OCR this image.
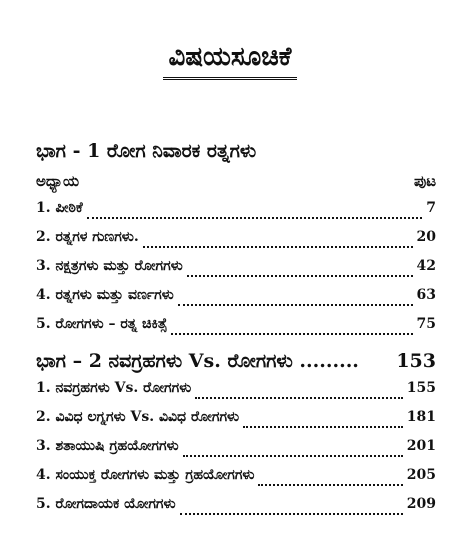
ವಿಷಯಸೂಚಿಕೆ
ಭಾಗ - 1 ರೋಗ ನಿವಾರಕ ರತ್ನಗಳು
ಅಧ್ಯಾಯ	ಪುಟ
1. ಪೀಠಿಕೆ	7
2. ರತ್ನಗಳ ಗುಣಗಳು.	20
3. ನಕ್ಷತ್ರಗಳು ಮತ್ತು ರೋಗಗಳು	42
4. ರತ್ನಗಳು ಮತ್ತು ವರ್ಣಗಳು	63
5. ರೋಗಗಳು – ರತ್ನ ಚಿಕಿತ್ಸೆ	75
ಭಾಗ – 2 ನವಗ್ರಹಗಳು Vs. ರೋಗಗಳು ......... 153
1. ನವಗ್ರಹಗಳು Vs. ರೋಗಗಳು	155
2. ವಿವಿಧ ಲಗ್ನಗಳು Vs. ವಿವಿಧ ರೋಗಗಳು	181
3. ಶತಾಯುಷಿ ಗ್ರಹಯೋಗಗಳು	201
4. ಸಂಯುಕ್ತ ರೋಗಗಳು ಮತ್ತು ಗ್ರಹಯೋಗಗಳು	205
5. ರೋಗದಾಯಕ ಯೋಗಗಳು	209
